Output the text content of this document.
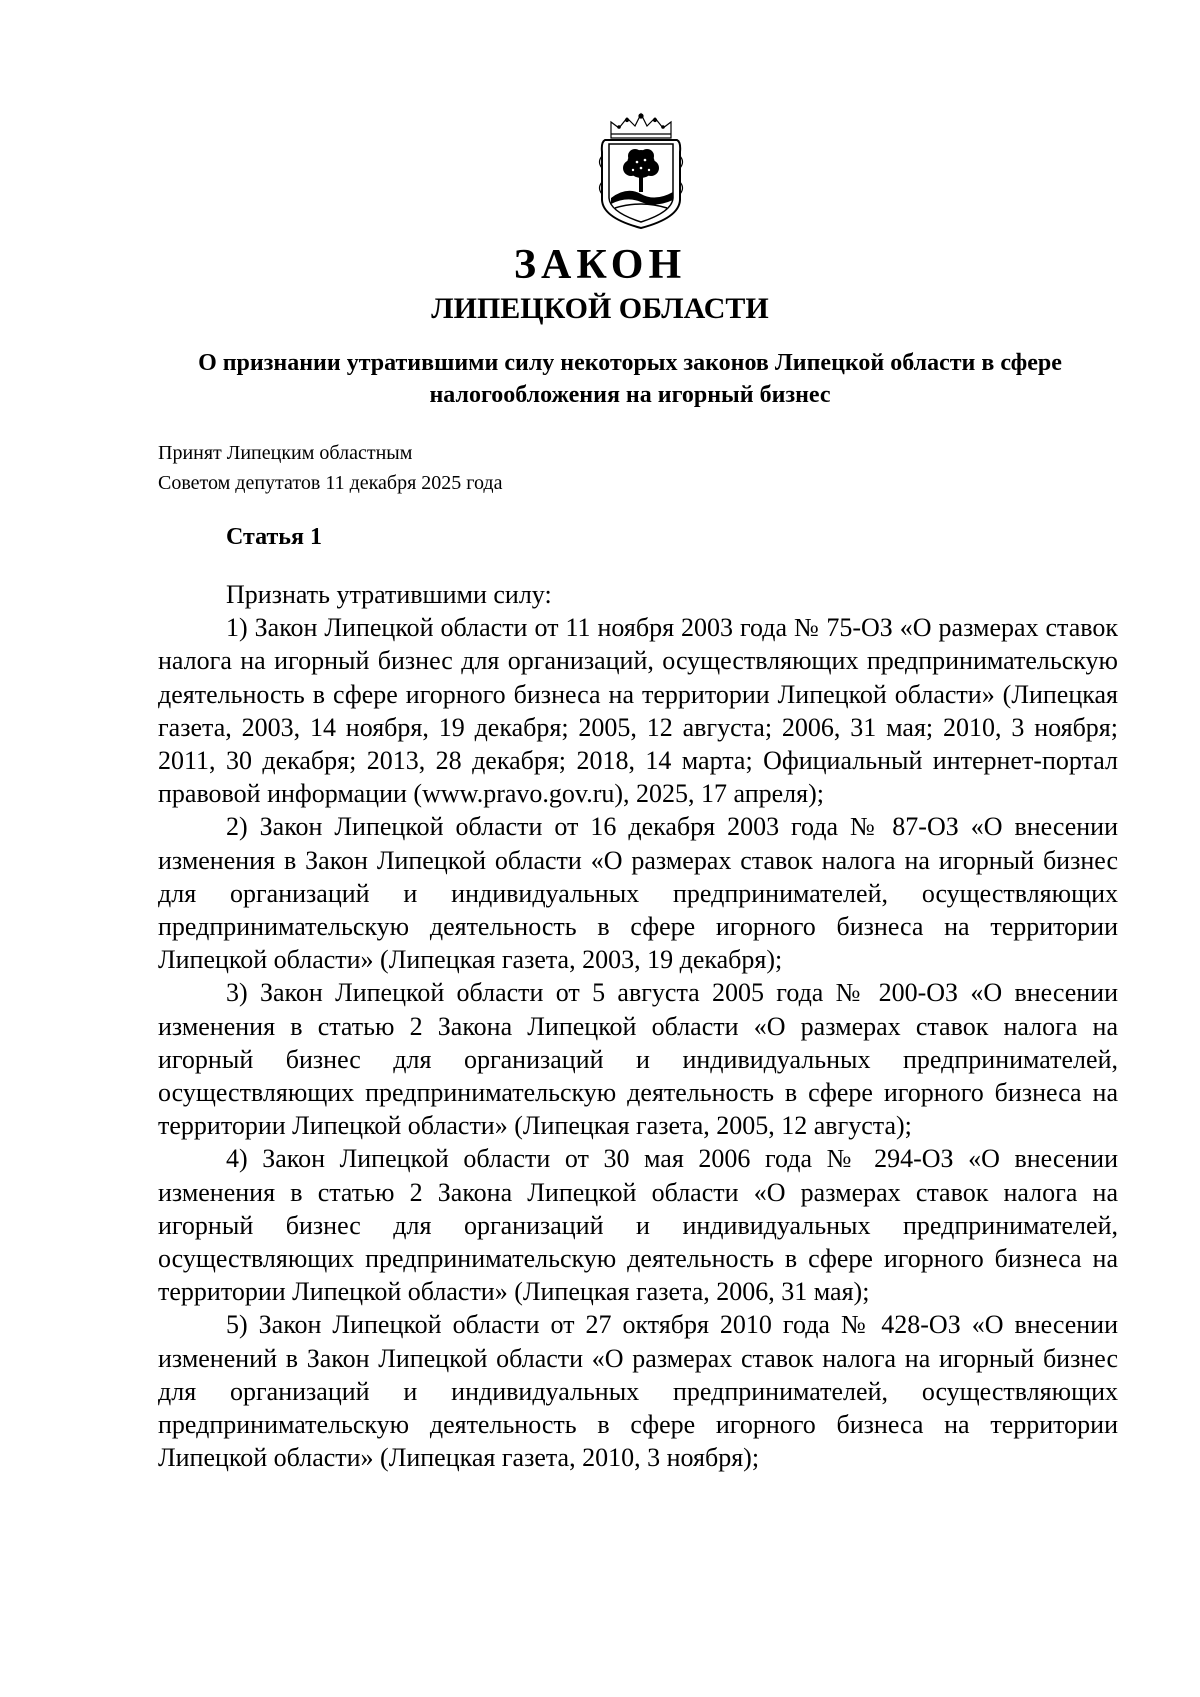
ЗАКОН
ЛИПЕЦКОЙ ОБЛАСТИ
О признании утратившими силу некоторых законов Липецкой области в сфере налогообложения на игорный бизнес
Принят Липецким областным
Советом депутатов 11 декабря 2025 года
Статья 1

Признать утратившими силу:

1) Закон Липецкой области от 11 ноября 2003 года № 75-ОЗ «О размерах ставок налога на игорный бизнес для организаций, осуществляющих предпринимательскую деятельность в сфере игорного бизнеса на территории Липецкой области» (Липецкая газета, 2003, 14 ноября, 19 декабря; 2005, 12 августа; 2006, 31 мая; 2010, 3 ноября; 2011, 30 декабря; 2013, 28 декабря; 2018, 14 марта; Официальный интернет-портал правовой информации (www.pravo.gov.ru), 2025, 17 апреля);

2) Закон Липецкой области от 16 декабря 2003 года № 87-ОЗ «О внесении изменения в Закон Липецкой области «О размерах ставок налога на игорный бизнес для организаций и индивидуальных предпринимателей, осуществляющих предпринимательскую деятельность в сфере игорного бизнеса на территории Липецкой области» (Липецкая газета, 2003, 19 декабря);

3) Закон Липецкой области от 5 августа 2005 года № 200-ОЗ «О внесении изменения в статью 2 Закона Липецкой области «О размерах ставок налога на игорный бизнес для организаций и индивидуальных предпринимателей, осуществляющих предпринимательскую деятельность в сфере игорного бизнеса на территории Липецкой области» (Липецкая газета, 2005, 12 августа);

4) Закон Липецкой области от 30 мая 2006 года № 294-ОЗ «О внесении изменения в статью 2 Закона Липецкой области «О размерах ставок налога на игорный бизнес для организаций и индивидуальных предпринимателей, осуществляющих предпринимательскую деятельность в сфере игорного бизнеса на территории Липецкой области» (Липецкая газета, 2006, 31 мая);

5) Закон Липецкой области от 27 октября 2010 года № 428-ОЗ «О внесении изменений в Закон Липецкой области «О размерах ставок налога на игорный бизнес для организаций и индивидуальных предпринимателей, осуществляющих предпринимательскую деятельность в сфере игорного бизнеса на территории Липецкой области» (Липецкая газета, 2010, 3 ноября);
